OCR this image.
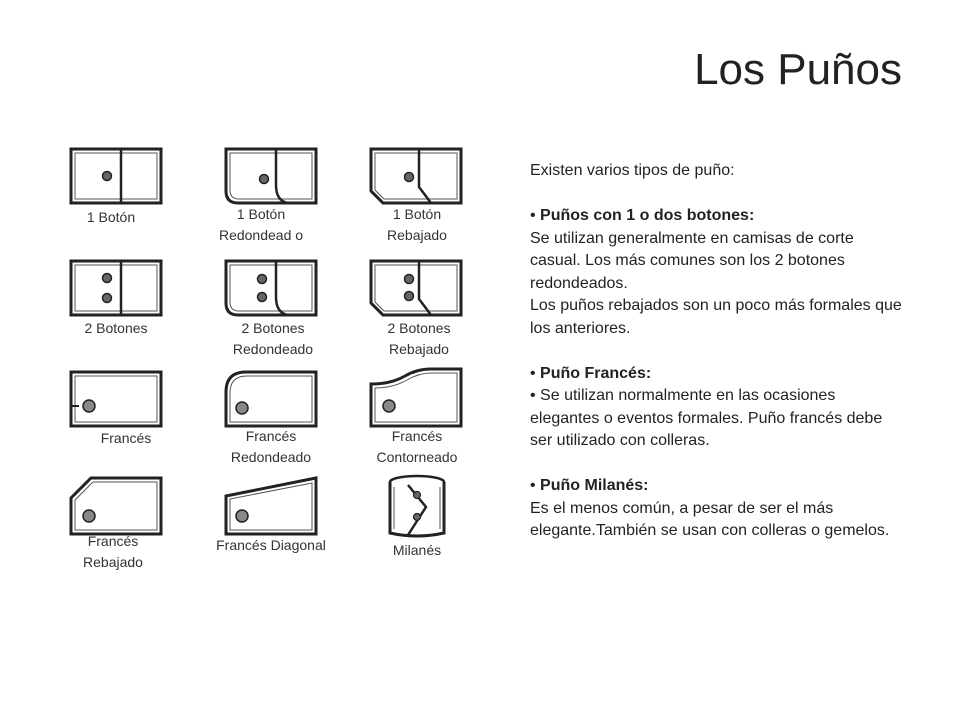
Los Puños
1 Botón	1 Botón Redondead o
1 Botón Rebajado
2 Botones	2 Botones Redondeado
2 Botones Rebajado
Francés	Francés Redondeado
Francés Contorneado
Francés Rebajado
Francés Diagonal	Milanés

Existen varios tipos de puño:

• Puños con 1 o dos botones:

Se utilizan generalmente en camisas de corte casual. Los más comunes son los 2 botones redondeados.

Los puños rebajados son un poco más formales que los anteriores.

• Puño Francés:

• Se utilizan normalmente en las ocasiones elegantes o eventos formales. Puño francés debe ser utilizado con colleras.

• Puño Milanés:

Es el menos común, a pesar de ser el más elegante.También se usan con colleras o gemelos.
